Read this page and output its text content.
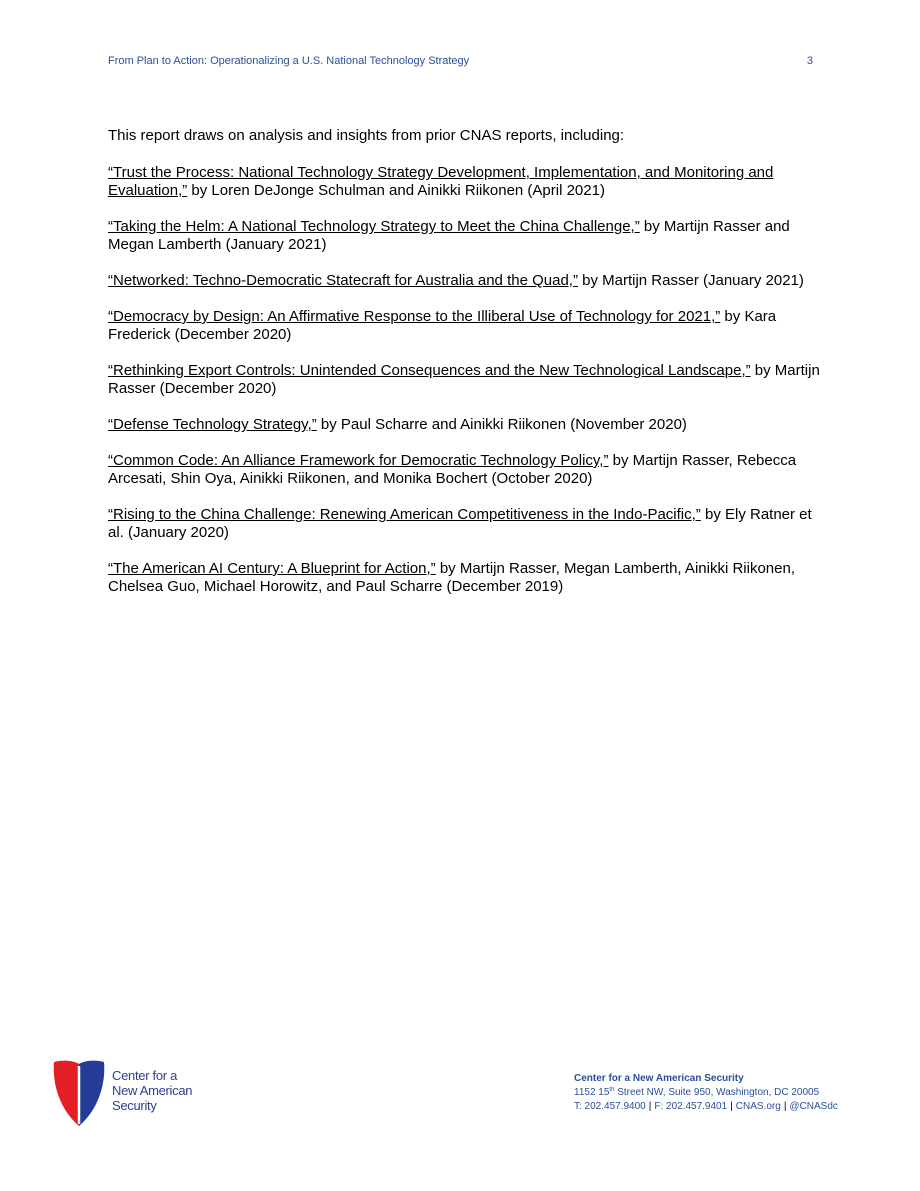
From Plan to Action: Operationalizing a U.S. National Technology Strategy	3

This report draws on analysis and insights from prior CNAS reports, including:

“Trust the Process: National Technology Strategy Development, Implementation, and Monitoring and Evaluation,” by Loren DeJonge Schulman and Ainikki Riikonen (April 2021)
“Taking the Helm: A National Technology Strategy to Meet the China Challenge,” by Martijn Rasser and Megan Lamberth (January 2021)
“Networked: Techno-Democratic Statecraft for Australia and the Quad,” by Martijn Rasser (January 2021)
“Democracy by Design: An Affirmative Response to the Illiberal Use of Technology for 2021,” by Kara Frederick (December 2020)
“Rethinking Export Controls: Unintended Consequences and the New Technological Landscape,” by Martijn Rasser (December 2020)
“Defense Technology Strategy,” by Paul Scharre and Ainikki Riikonen (November 2020)
“Common Code: An Alliance Framework for Democratic Technology Policy,” by Martijn Rasser, Rebecca Arcesati, Shin Oya, Ainikki Riikonen, and Monika Bochert (October 2020)
“Rising to the China Challenge: Renewing American Competitiveness in the Indo-Pacific,” by Ely Ratner et al. (January 2020)
“The American AI Century: A Blueprint for Action,” by Martijn Rasser, Megan Lamberth, Ainikki Riikonen, Chelsea Guo, Michael Horowitz, and Paul Scharre (December 2019)
Center for a
New American
Security
Center for a New American Security
1152 15th Street NW, Suite 950, Washington, DC 20005
T: 202.457.9400 | F: 202.457.9401 | CNAS.org | @CNASdc
